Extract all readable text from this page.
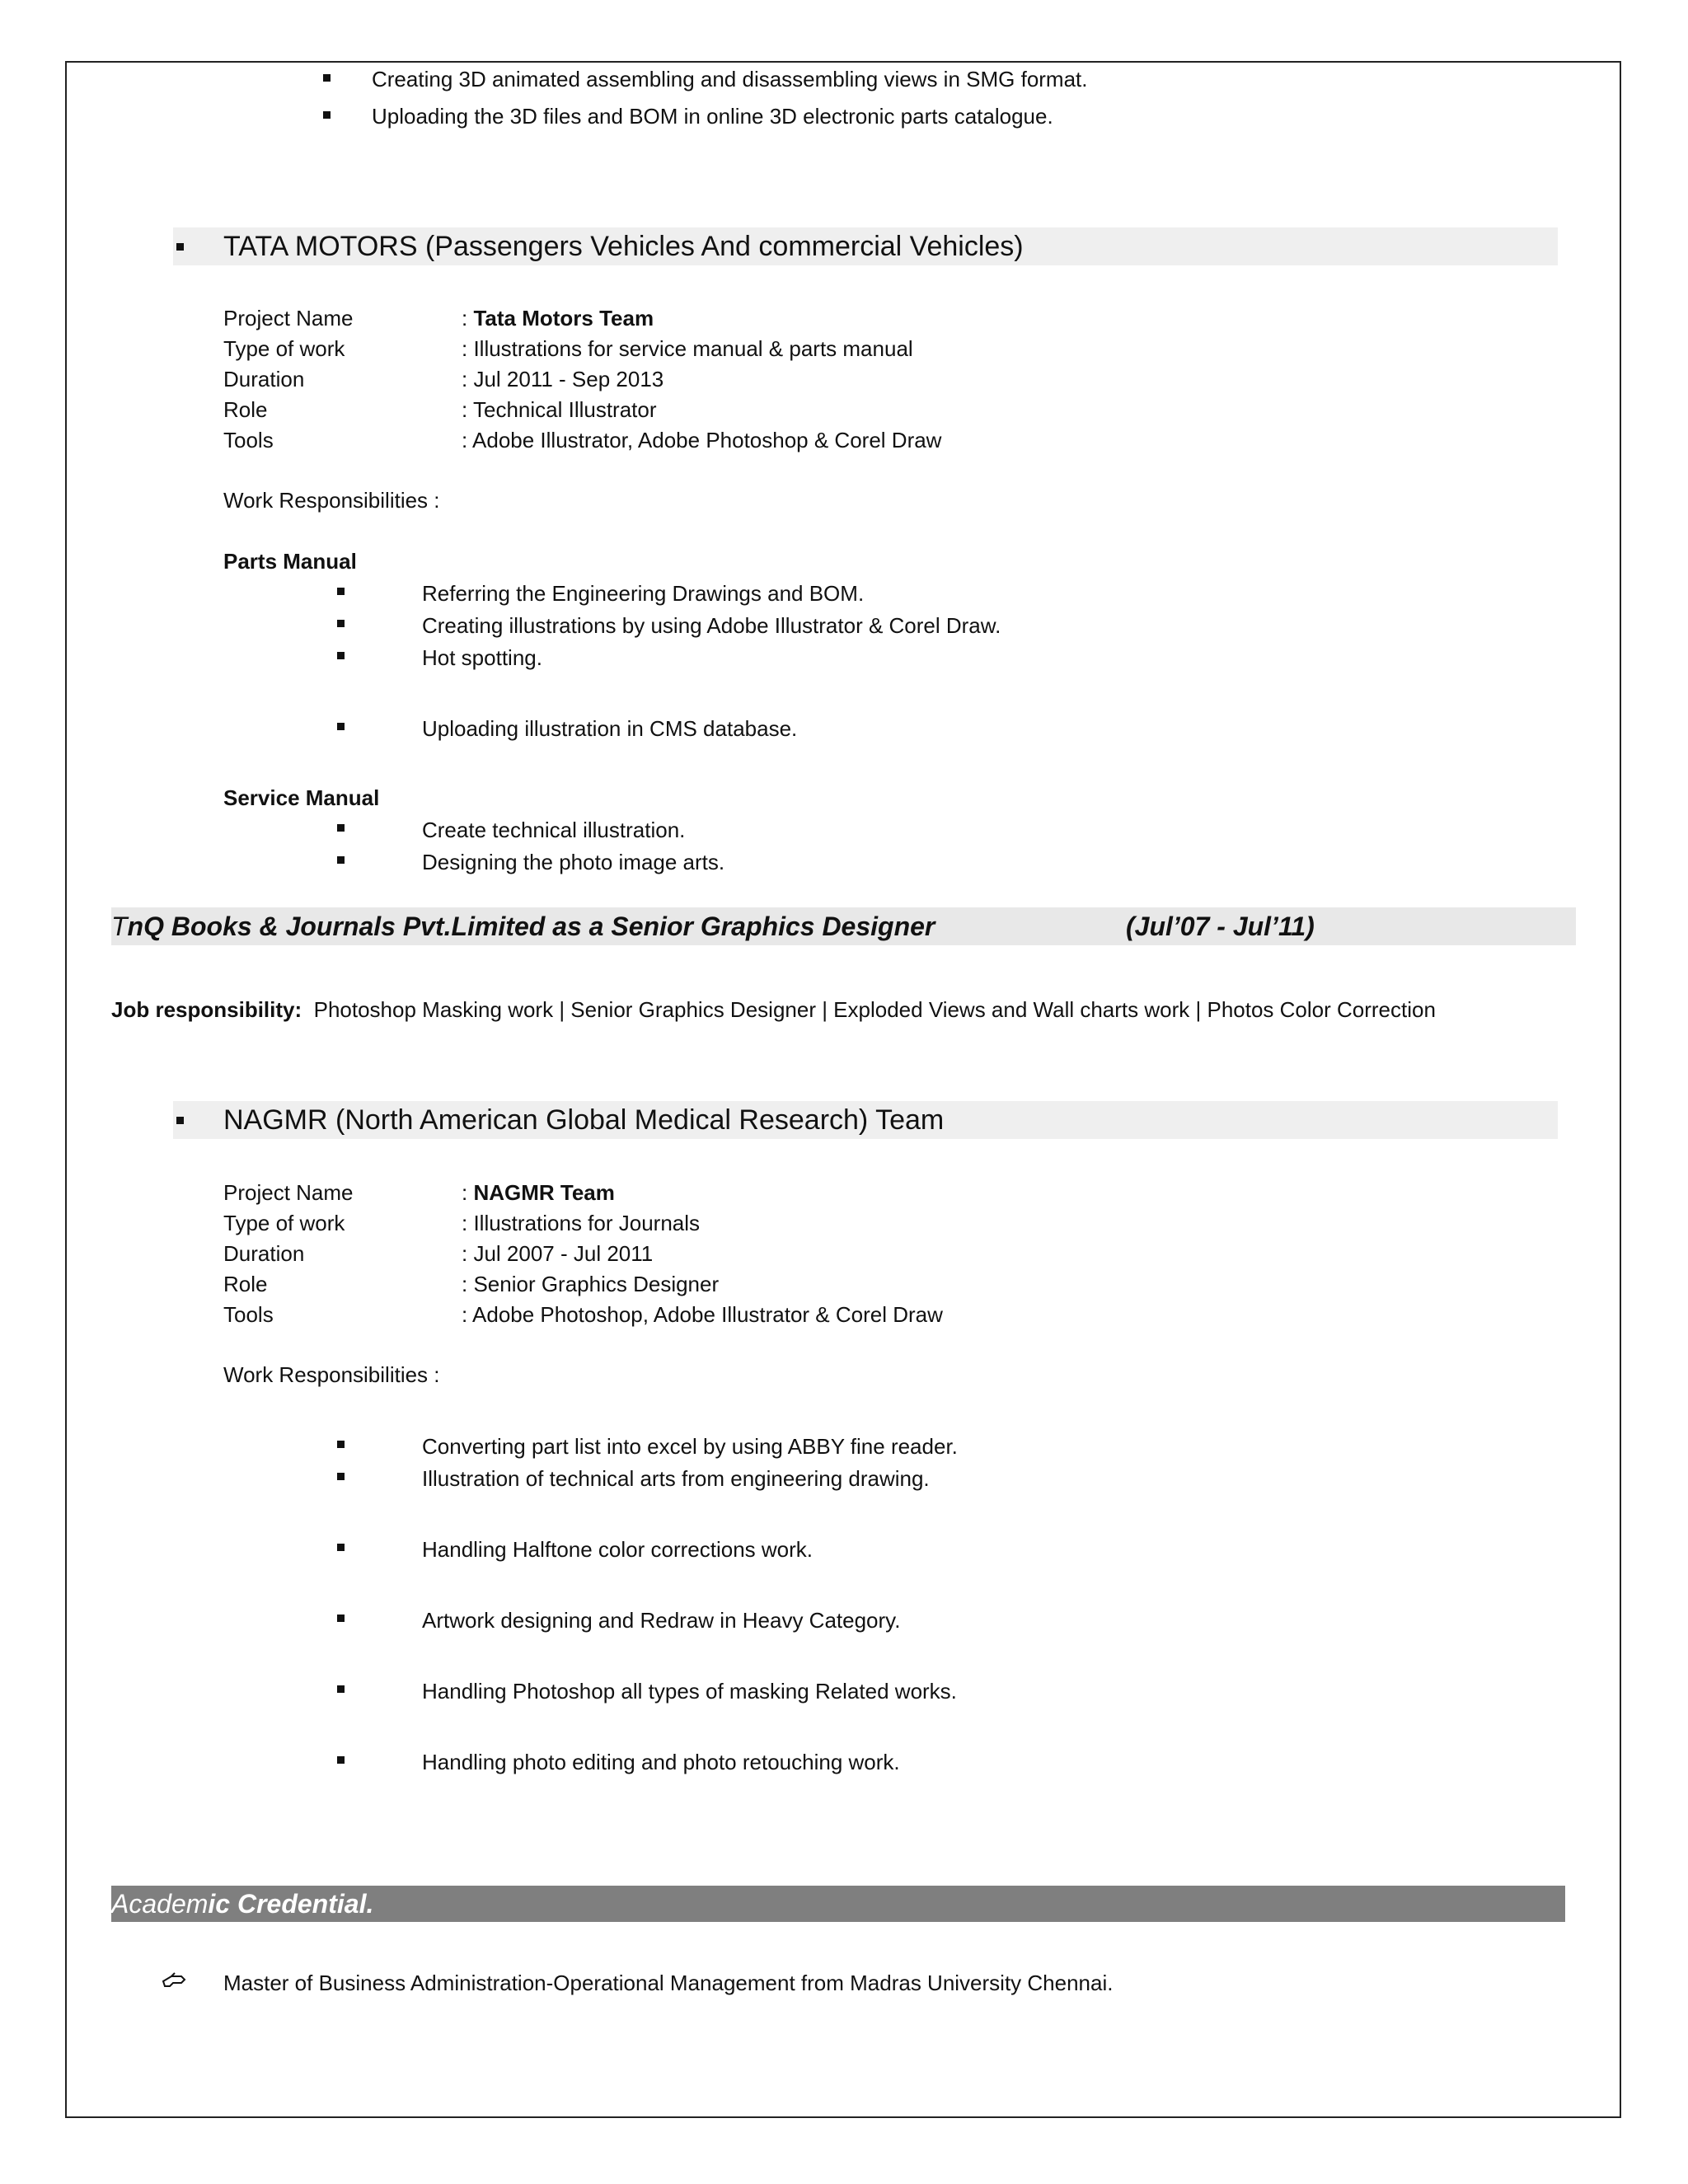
Creating 3D animated assembling and disassembling views in SMG format.
Uploading the 3D files and BOM in online 3D electronic parts catalogue.
TATA MOTORS (Passengers Vehicles And commercial Vehicles)
Project Name	: Tata Motors Team
Type of work	: Illustrations for service manual & parts manual
Duration	: Jul 2011 - Sep 2013
Role	: Technical Illustrator
Tools	: Adobe Illustrator, Adobe Photoshop & Corel Draw
Work Responsibilities :
Parts Manual
Referring the Engineering Drawings and BOM.
Creating illustrations by using Adobe Illustrator & Corel Draw.
Hot spotting.
Uploading illustration in CMS database.
Service Manual
Create technical illustration.
Designing the photo image arts.
TnQ Books & Journals Pvt.Limited as a Senior Graphics Designer	(Jul’07 - Jul’11)
Job responsibility: Photoshop Masking work | Senior Graphics Designer | Exploded Views and Wall charts work | Photos Color Correction
NAGMR (North American Global Medical Research) Team
Project Name	: NAGMR Team
Type of work	: Illustrations for Journals
Duration	: Jul 2007 - Jul 2011
Role	: Senior Graphics Designer
Tools	: Adobe Photoshop, Adobe Illustrator & Corel Draw
Work Responsibilities :
Converting part list into excel by using ABBY fine reader.
Illustration of technical arts from engineering drawing.
Handling Halftone color corrections work.
Artwork designing and Redraw in Heavy Category.
Handling Photoshop all types of masking Related works.
Handling photo editing and photo retouching work.
Academic Credential.
Master of Business Administration-Operational Management from Madras University Chennai.
